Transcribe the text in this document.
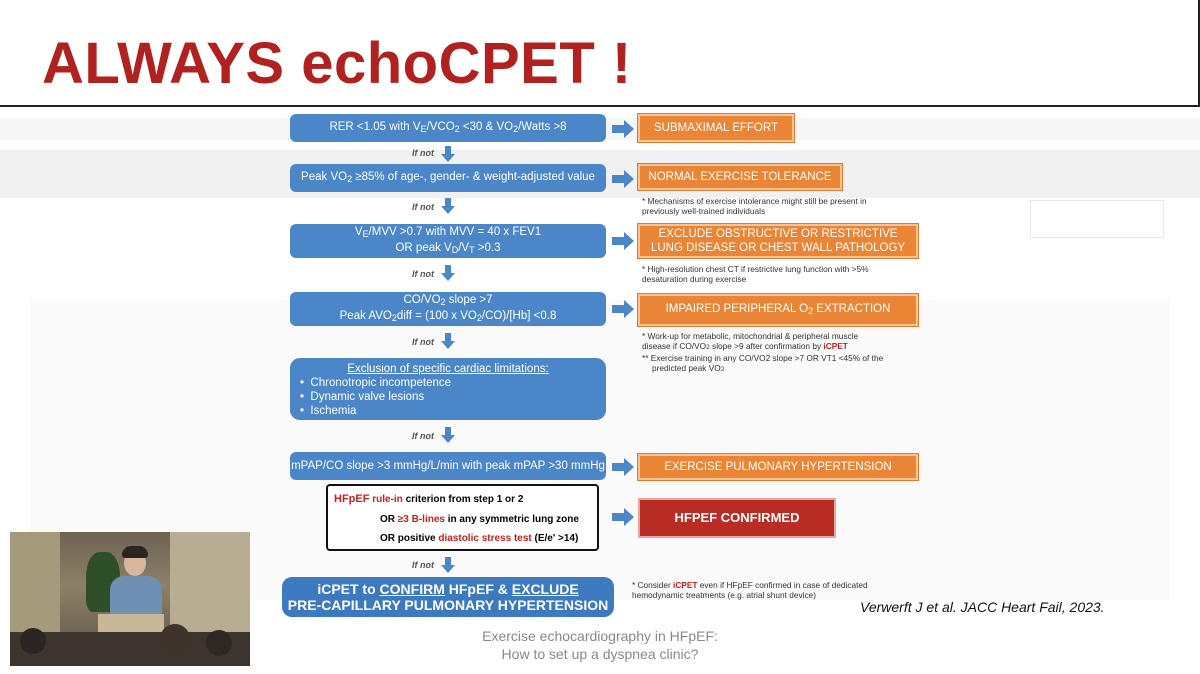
ALWAYS echoCPET !
RER <1.05 with VE/VCO2 <30 & VO2/Watts >8	SUBMAXIMAL EFFORT
If not
Peak VO2 ≥85% of age-, gender- & weight-adjusted value	NORMAL EXERCISE TOLERANCE
* Mechanisms of exercise intolerance might still be present in
previously well-trained individuals
If not
VE/MVV >0.7 with MVV = 40 x FEV1
OR peak VD/VT >0.3
EXCLUDE OBSTRUCTIVE OR RESTRICTIVE
LUNG DISEASE OR CHEST WALL PATHOLOGY
* High-resolution chest CT if restrictive lung function with >5%
desaturation during exercise
If not
CO/VO2 slope >7
Peak AVO2diff = (100 x VO2/CO)/[Hb] <0.8
IMPAIRED PERIPHERAL O2 EXTRACTION
* Work-up for metabolic, mitochondrial & peripheral muscle
disease if CO/VO2 slope >9 after confirmation by iCPET
** Exercise training in any CO/VO2 slope >7 OR VT1 <45% of the
predicted peak VO2
If not
Exclusion of specific cardiac limitations:
•  Chronotropic incompetence
•  Dynamic valve lesions
•  Ischemia
If not
mPAP/CO slope >3 mmHg/L/min with peak mPAP >30 mmHg	EXERCISE PULMONARY HYPERTENSION
HFpEF rule-in criterion from step 1 or 2
OR ≥3 B-lines in any symmetric lung zone
OR positive diastolic stress test (E/e' >14)
HFPEF CONFIRMED
If not
iCPET to CONFIRM HFpEF & EXCLUDE
PRE-CAPILLARY PULMONARY HYPERTENSION
* Consider iCPET even if HFpEF confirmed in case of dedicated
hemodynamic treatments (e.g. atrial shunt device)
Verwerft J et al. JACC Heart Fail, 2023.
Exercise echocardiography in HFpEF:
How to set up a dyspnea clinic?
